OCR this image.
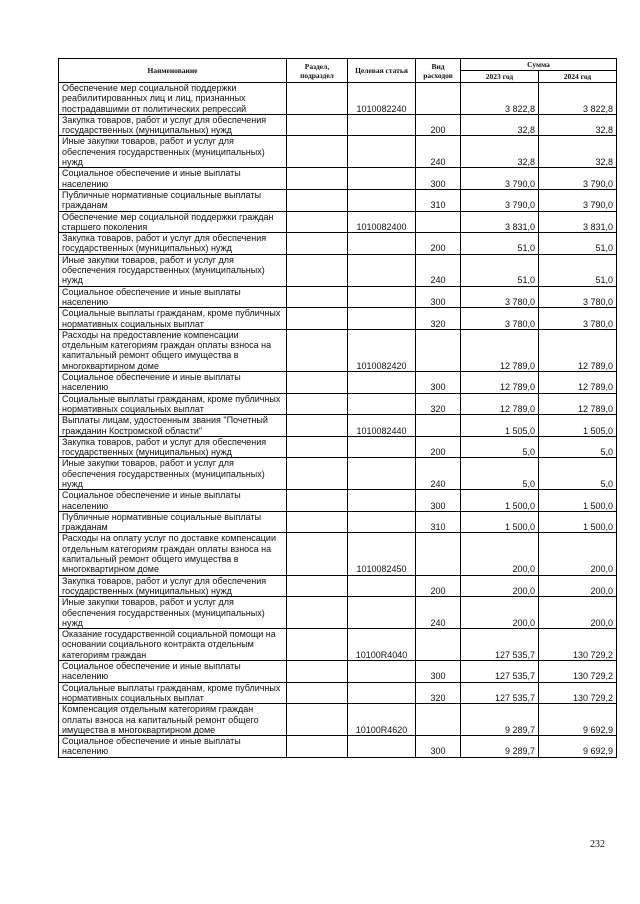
Наименование	Раздел, подраздел	Целевая статья	Вид расходов	Сумма	
				2023 год	2024 год
Обеспечение мер социальной поддержки реабилитированных лиц и лиц, признанных пострадавшими от политических репрессий		1010082240		3 822,8	3 822,8
Закупка товаров, работ и услуг для обеспечения государственных (муниципальных) нужд			200	32,8	32,8
Иные закупки товаров, работ и услуг для обеспечения государственных (муниципальных) нужд			240	32,8	32,8
Социальное обеспечение и иные выплаты населению			300	3 790,0	3 790,0
Публичные нормативные социальные выплаты гражданам			310	3 790,0	3 790,0
Обеспечение мер социальной поддержки граждан старшего поколения		1010082400		3 831,0	3 831,0
Закупка товаров, работ и услуг для обеспечения государственных (муниципальных) нужд			200	51,0	51,0
Иные закупки товаров, работ и услуг для обеспечения государственных (муниципальных) нужд			240	51,0	51,0
Социальное обеспечение и иные выплаты населению			300	3 780,0	3 780,0
Социальные выплаты гражданам, кроме публичных нормативных социальных выплат			320	3 780,0	3 780,0
Расходы на предоставление компенсации отдельным категориям граждан оплаты взноса на капитальный ремонт общего имущества в многоквартирном доме		1010082420		12 789,0	12 789,0
Социальное обеспечение и иные выплаты населению			300	12 789,0	12 789,0
Социальные выплаты гражданам, кроме публичных нормативных социальных выплат			320	12 789,0	12 789,0
Выплаты лицам, удостоенным звания "Почетный гражданин Костромской области"		1010082440		1 505,0	1 505,0
Закупка товаров, работ и услуг для обеспечения государственных (муниципальных) нужд			200	5,0	5,0
Иные закупки товаров, работ и услуг для обеспечения государственных (муниципальных) нужд			240	5,0	5,0
Социальное обеспечение и иные выплаты населению			300	1 500,0	1 500,0
Публичные нормативные социальные выплаты гражданам			310	1 500,0	1 500,0
Расходы на оплату услуг по доставке компенсации отдельным категориям граждан оплаты взноса на капитальный ремонт общего имущества в многоквартирном доме		1010082450		200,0	200,0
Закупка товаров, работ и услуг для обеспечения государственных (муниципальных) нужд			200	200,0	200,0
Иные закупки товаров, работ и услуг для обеспечения государственных (муниципальных) нужд			240	200,0	200,0
Оказание государственной социальной помощи на основании социального контракта отдельным категориям граждан		10100R4040		127 535,7	130 729,2
Социальное обеспечение и иные выплаты населению			300	127 535,7	130 729,2
Социальные выплаты гражданам, кроме публичных нормативных социальных выплат			320	127 535,7	130 729,2
Компенсация отдельным категориям граждан оплаты взноса на капитальный ремонт общего имущества в многоквартирном доме		10100R4620		9 289,7	9 692,9
Социальное обеспечение и иные выплаты населению			300	9 289,7	9 692,9
232
